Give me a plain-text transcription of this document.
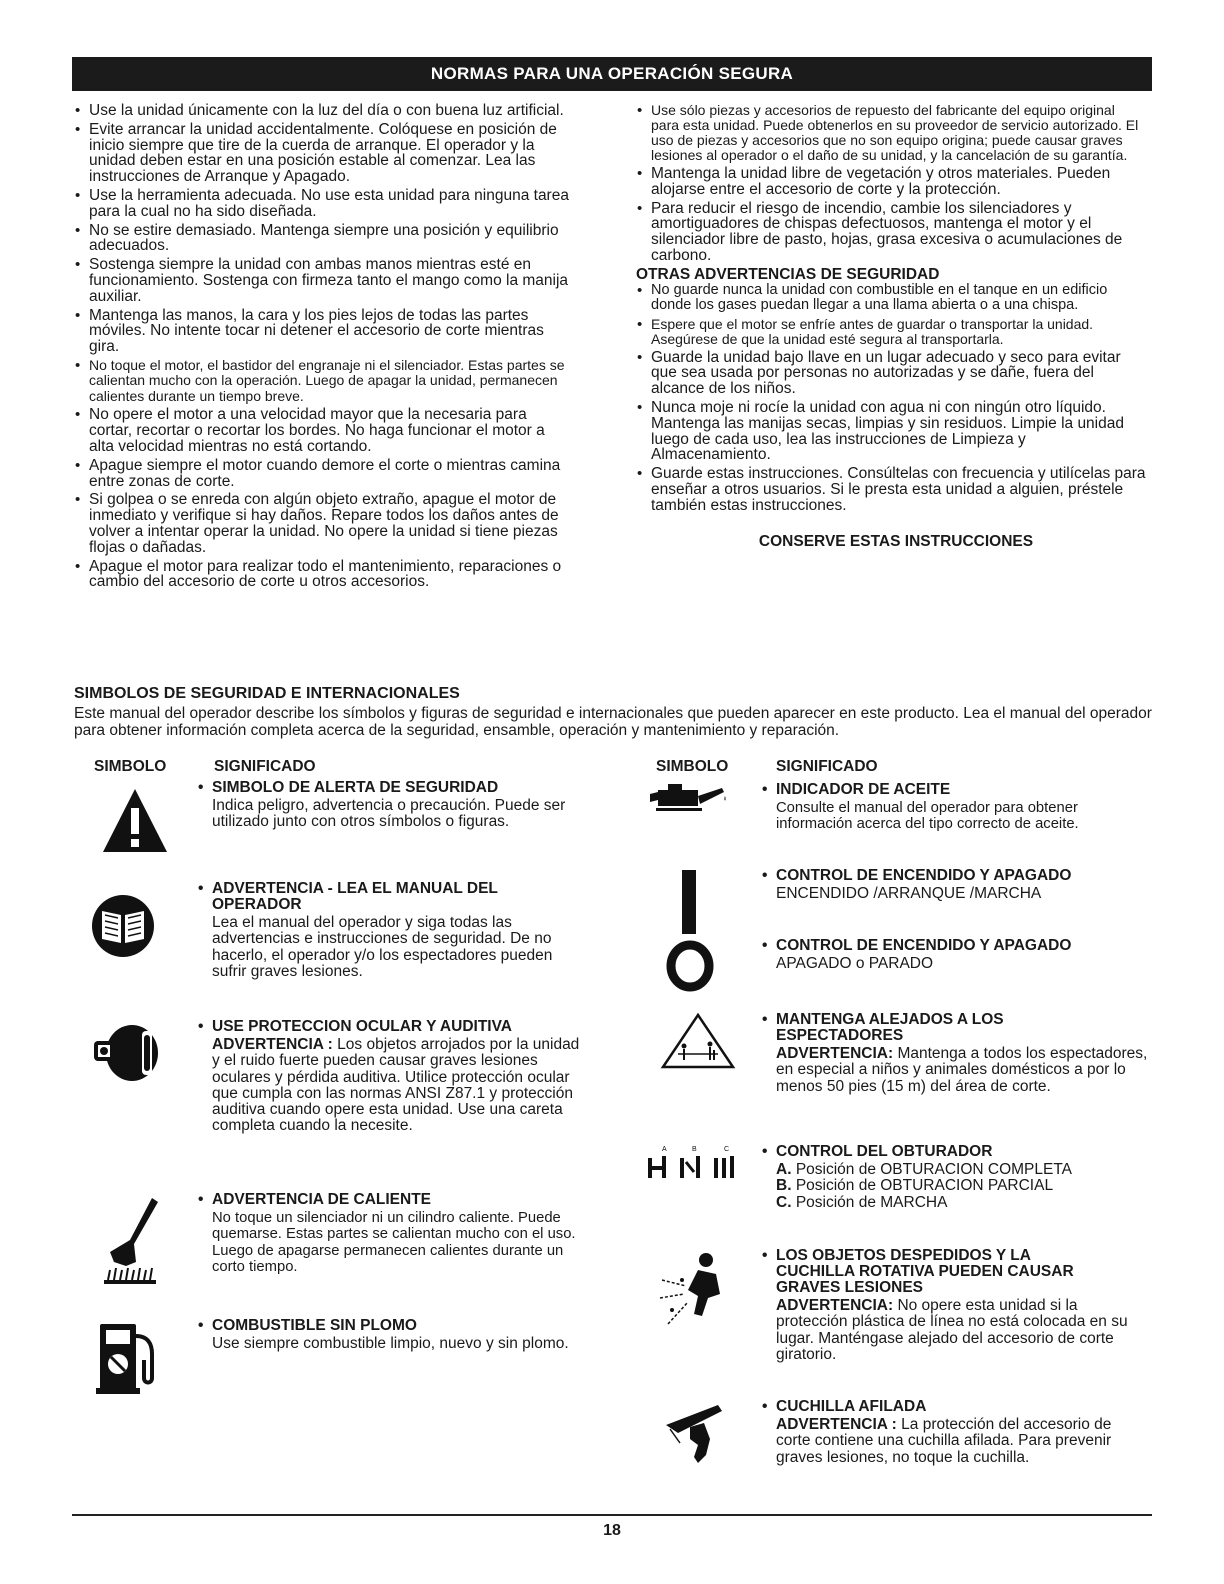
NORMAS PARA UNA OPERACIÓN SEGURA
• Use la unidad únicamente con la luz del día o con buena luz artificial.
• Evite arrancar la unidad accidentalmente. Colóquese en posición de inicio siempre que tire de la cuerda de arranque. El operador y la unidad deben estar en una posición estable al comenzar. Lea las instrucciones de Arranque y Apagado.
• Use la herramienta adecuada. No use esta unidad para ninguna tarea para la cual no ha sido diseñada.
• No se estire demasiado. Mantenga siempre una posición y equilibrio adecuados.
• Sostenga siempre la unidad con ambas manos mientras esté en funcionamiento. Sostenga con firmeza tanto el mango como la manija auxiliar.
• Mantenga las manos, la cara y los pies lejos de todas las partes móviles. No intente tocar ni detener el accesorio de corte mientras gira.
• No toque el motor, el bastidor del engranaje ni el silenciador. Estas partes se calientan mucho con la operación. Luego de apagar la unidad, permanecen calientes durante un tiempo breve.
• No opere el motor a una velocidad mayor que la necesaria para cortar, recortar o recortar los bordes. No haga funcionar el motor a alta velocidad mientras no está cortando.
• Apague siempre el motor cuando demore el corte o mientras camina entre zonas de corte.
• Si golpea o se enreda con algún objeto extraño, apague el motor de inmediato y verifique si hay daños. Repare todos los daños antes de volver a intentar operar la unidad. No opere la unidad si tiene piezas flojas o dañadas.
• Apague el motor para realizar todo el mantenimiento, reparaciones o cambio del accesorio de corte u otros accesorios.
• Use sólo piezas y accesorios de repuesto del fabricante del equipo original para esta unidad. Puede obtenerlos en su proveedor de servicio autorizado. El uso de piezas y accesorios que no son equipo origina; puede causar graves lesiones al operador o el daño de su unidad, y la cancelación de su garantía.
• Mantenga la unidad libre de vegetación y otros materiales. Pueden alojarse entre el accesorio de corte y la protección.
• Para reducir el riesgo de incendio, cambie los silenciadores y amortiguadores de chispas defectuosos, mantenga el motor y el silenciador libre de pasto, hojas, grasa excesiva o acumulaciones de carbono.
OTRAS ADVERTENCIAS DE SEGURIDAD
• No guarde nunca la unidad con combustible en el tanque en un edificio donde los gases puedan llegar a una llama abierta o a una chispa.
• Espere que el motor se enfríe antes de guardar o transportar la unidad. Asegúrese de que la unidad esté segura al transportarla.
• Guarde la unidad bajo llave en un lugar adecuado y seco para evitar que sea usada por personas no autorizadas y se dañe, fuera del alcance de los niños.
• Nunca moje ni rocíe la unidad con agua ni con ningún otro líquido. Mantenga las manijas secas, limpias y sin residuos. Limpie la unidad luego de cada uso, lea las instrucciones de Limpieza y Almacenamiento.
• Guarde estas instrucciones. Consúltelas con frecuencia y utilícelas para enseñar a otros usuarios. Si le presta esta unidad a alguien, préstele también estas instrucciones.
CONSERVE ESTAS INSTRUCCIONES
SIMBOLOS DE SEGURIDAD E INTERNACIONALES
Este manual del operador describe los símbolos y figuras de seguridad e internacionales que pueden aparecer en este producto. Lea el manual del operador para obtener información completa acerca de la seguridad, ensamble, operación y mantenimiento y reparación.
SIMBOLO	SIGNIFICADO	SIMBOLO	SIGNIFICADO
• SIMBOLO DE ALERTA DE SEGURIDAD
Indica peligro, advertencia o precaución. Puede ser utilizado junto con otros símbolos o figuras.
• ADVERTENCIA - LEA EL MANUAL DEL OPERADOR
Lea el manual del operador y siga todas las advertencias e instrucciones de seguridad. De no hacerlo, el operador y/o los espectadores pueden sufrir graves lesiones.
• USE PROTECCION OCULAR Y AUDITIVA
ADVERTENCIA : Los objetos arrojados por la unidad y el ruido fuerte pueden causar graves lesiones oculares y pérdida auditiva. Utilice protección ocular que cumpla con las normas ANSI Z87.1 y protección auditiva cuando opere esta unidad. Use una careta completa cuando la necesite.
• ADVERTENCIA DE CALIENTE
No toque un silenciador ni un cilindro caliente. Puede quemarse. Estas partes se calientan mucho con el uso. Luego de apagarse permanecen calientes durante un corto tiempo.
• COMBUSTIBLE SIN PLOMO
Use siempre combustible limpio, nuevo y sin plomo.
• INDICADOR DE ACEITE
Consulte el manual del operador para obtener información acerca del tipo correcto de aceite.
• CONTROL DE ENCENDIDO Y APAGADO
ENCENDIDO /ARRANQUE /MARCHA
• CONTROL DE ENCENDIDO Y APAGADO
APAGADO o PARADO
• MANTENGA ALEJADOS A LOS ESPECTADORES
ADVERTENCIA: Mantenga a todos los espectadores, en especial a niños y animales domésticos a por lo menos 50 pies (15 m) del área de corte.
A	B	C
•	CONTROL DEL OBTURADOR
A. Posición de OBTURACION COMPLETA
B. Posición de OBTURACION PARCIAL
C. Posición de MARCHA
• LOS OBJETOS DESPEDIDOS Y LA CUCHILLA ROTATIVA PUEDEN CAUSAR GRAVES LESIONES
ADVERTENCIA: No opere esta unidad si la protección plástica de línea no está colocada en su lugar. Manténgase alejado del accesorio de corte giratorio.
• CUCHILLA AFILADA
ADVERTENCIA : La protección del accesorio de corte contiene una cuchilla afilada. Para prevenir graves lesiones, no toque la cuchilla.
18
